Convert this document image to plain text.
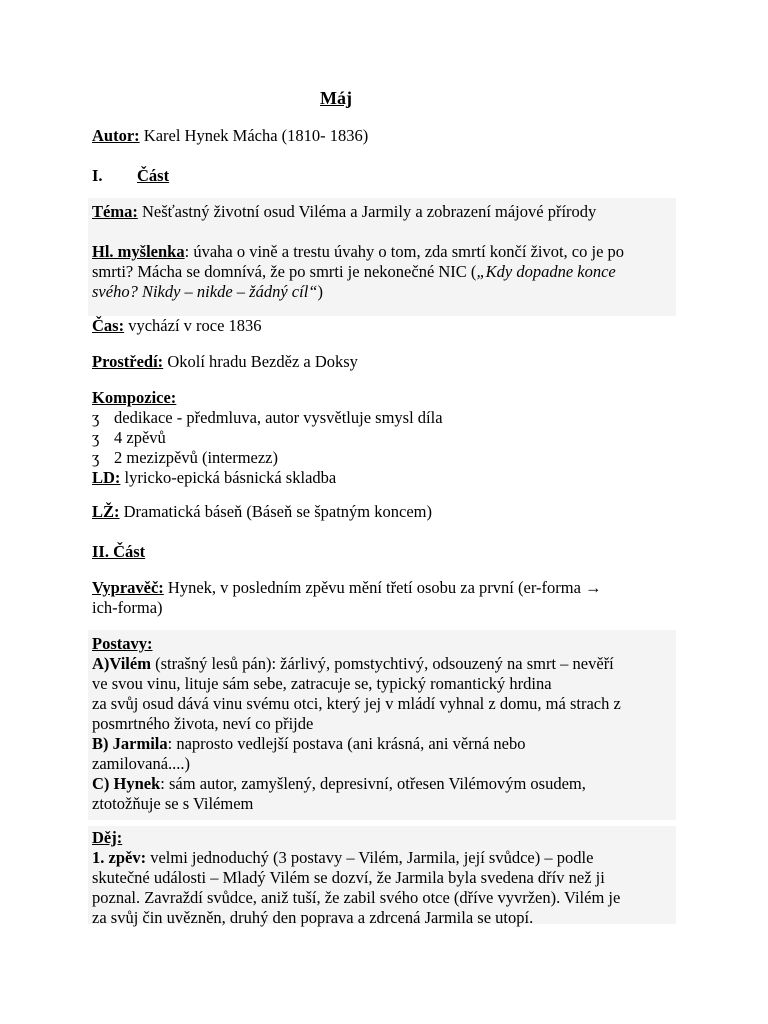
Máj
Autor: Karel Hynek Mácha (1810- 1836)
I. Část
Téma: Nešťastný životní osud Viléma a Jarmily a zobrazení májové přírody
Hl. myšlenka: úvaha o vině a trestu úvahy o tom, zda smrtí končí život, co je po
smrti? Mácha se domnívá, že po smrti je nekonečné NIC („Kdy dopadne konce
svého? Nikdy – nikde – žádný cíl“)
Čas: vychází v roce 1836
Prostředí: Okolí hradu Bezděz a Doksy
Kompozice:
ʒ dedikace - předmluva, autor vysvětluje smysl díla
ʒ 4 zpěvů
ʒ 2 mezizpěvů (intermezz)
LD: lyricko-epická básnická skladba
LŽ: Dramatická báseň (Báseň se špatným koncem)
II. Část
Vypravěč: Hynek, v posledním zpěvu mění třetí osobu za první (er-forma →
ich-forma)
Postavy:
A)Vilém (strašný lesů pán): žárlivý, pomstychtivý, odsouzený na smrt – nevěří
ve svou vinu, lituje sám sebe, zatracuje se, typický romantický hrdina
za svůj osud dává vinu svému otci, který jej v mládí vyhnal z domu, má strach z
posmrtného života, neví co přijde
B) Jarmila: naprosto vedlejší postava (ani krásná, ani věrná nebo
zamilovaná....)
C) Hynek: sám autor, zamyšlený, depresivní, otřesen Vilémovým osudem,
ztotožňuje se s Vilémem
Děj:
1. zpěv: velmi jednoduchý (3 postavy – Vilém, Jarmila, její svůdce) – podle
skutečné události – Mladý Vilém se dozví, že Jarmila byla svedena dřív než ji
poznal. Zavraždí svůdce, aniž tuší, že zabil svého otce (dříve vyvržen). Vilém je
za svůj čin uvězněn, druhý den poprava a zdrcená Jarmila se utopí.
